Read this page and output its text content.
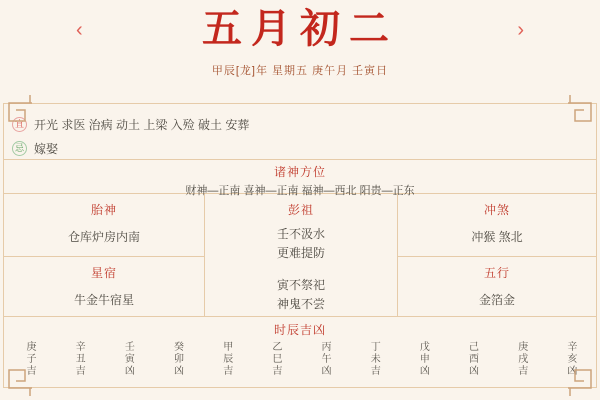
‹	五月初二	›
甲辰[龙]年 星期五 庚午月 壬寅日
宜 开光 求医 治病 动土 上梁 入殓 破土 安葬
忌 嫁娶
诸神方位
财神—正南 喜神—正南 福神—西北 阳贵—正东
胎神
仓库炉房内南
星宿
牛金牛宿星
彭祖
壬不汲水
更难提防
寅不祭祀
神鬼不尝
冲煞
冲猴 煞北
五行
金箔金
时辰吉凶
庚子吉	辛丑吉	壬寅凶	癸卯凶	甲辰吉	乙巳吉	丙午凶	丁未吉	戊申凶	己酉凶	庚戌吉	辛亥凶
